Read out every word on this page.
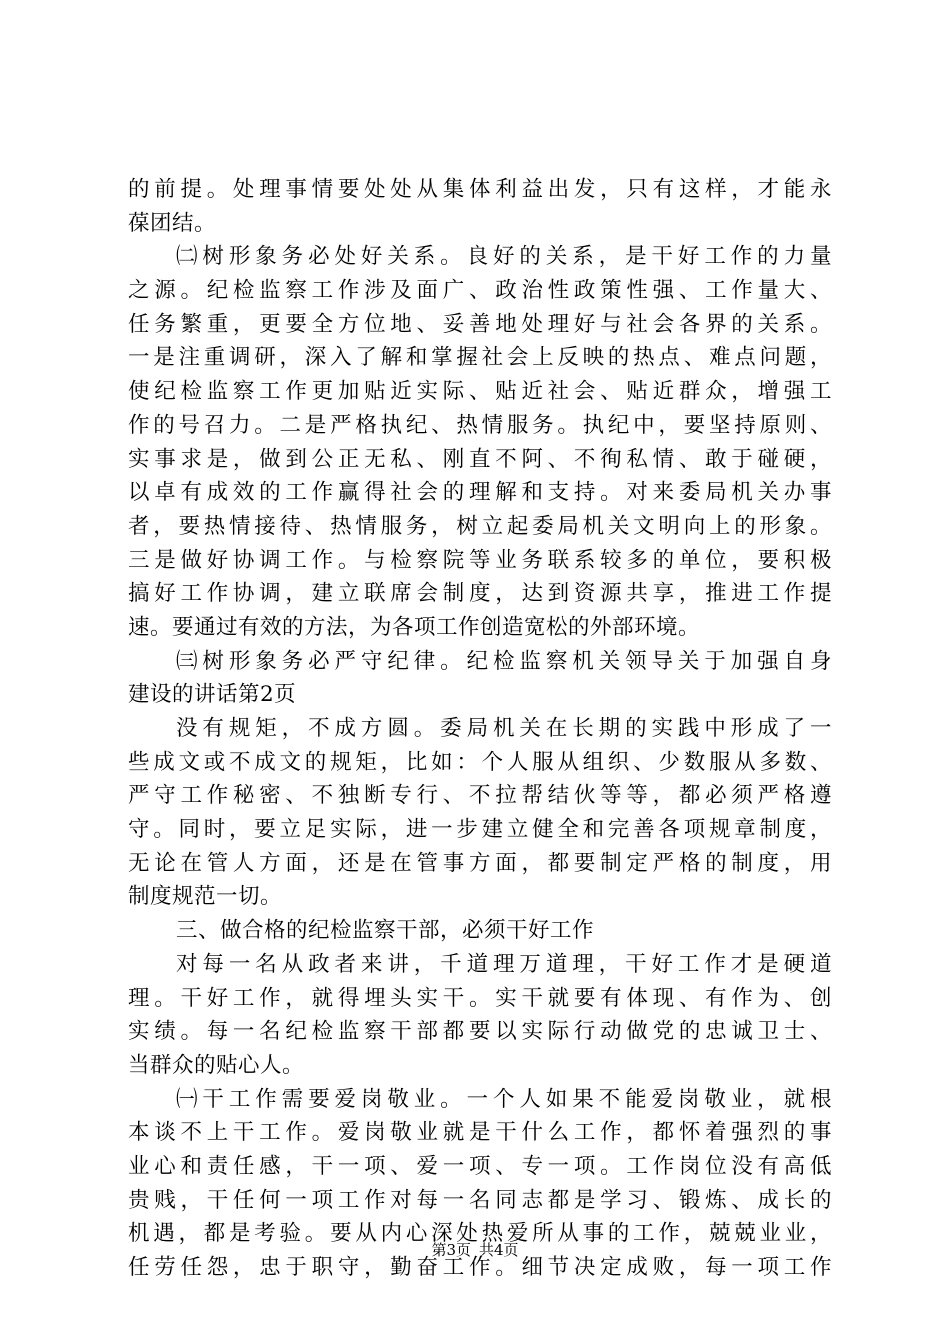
的前提。处理事情要处处从集体利益出发，只有这样，才能永
葆团结。
㈡树形象务必处好关系。良好的关系，是干好工作的力量
之源。纪检监察工作涉及面广、政治性政策性强、工作量大、
任务繁重，更要全方位地、妥善地处理好与社会各界的关系。
一是注重调研，深入了解和掌握社会上反映的热点、难点问题，
使纪检监察工作更加贴近实际、贴近社会、贴近群众，增强工
作的号召力。二是严格执纪、热情服务。执纪中，要坚持原则、
实事求是，做到公正无私、刚直不阿、不徇私情、敢于碰硬，
以卓有成效的工作赢得社会的理解和支持。对来委局机关办事
者，要热情接待、热情服务，树立起委局机关文明向上的形象。
三是做好协调工作。与检察院等业务联系较多的单位，要积极
搞好工作协调，建立联席会制度，达到资源共享，推进工作提
速。要通过有效的方法，为各项工作创造宽松的外部环境。
㈢树形象务必严守纪律。纪检监察机关领导关于加强自身
建设的讲话第2页
没有规矩，不成方圆。委局机关在长期的实践中形成了一
些成文或不成文的规矩，比如：个人服从组织、少数服从多数、
严守工作秘密、不独断专行、不拉帮结伙等等，都必须严格遵
守。同时，要立足实际，进一步建立健全和完善各项规章制度，
无论在管人方面，还是在管事方面，都要制定严格的制度，用
制度规范一切。
三、做合格的纪检监察干部，必须干好工作
对每一名从政者来讲，千道理万道理，干好工作才是硬道
理。干好工作，就得埋头实干。实干就要有体现、有作为、创
实绩。每一名纪检监察干部都要以实际行动做党的忠诚卫士、
当群众的贴心人。
㈠干工作需要爱岗敬业。一个人如果不能爱岗敬业，就根
本谈不上干工作。爱岗敬业就是干什么工作，都怀着强烈的事
业心和责任感，干一项、爱一项、专一项。工作岗位没有高低
贵贱，干任何一项工作对每一名同志都是学习、锻炼、成长的
机遇，都是考验。要从内心深处热爱所从事的工作，兢兢业业，
任劳任怨，忠于职守，勤奋工作。细节决定成败，每一项工作
第3页 共4页
